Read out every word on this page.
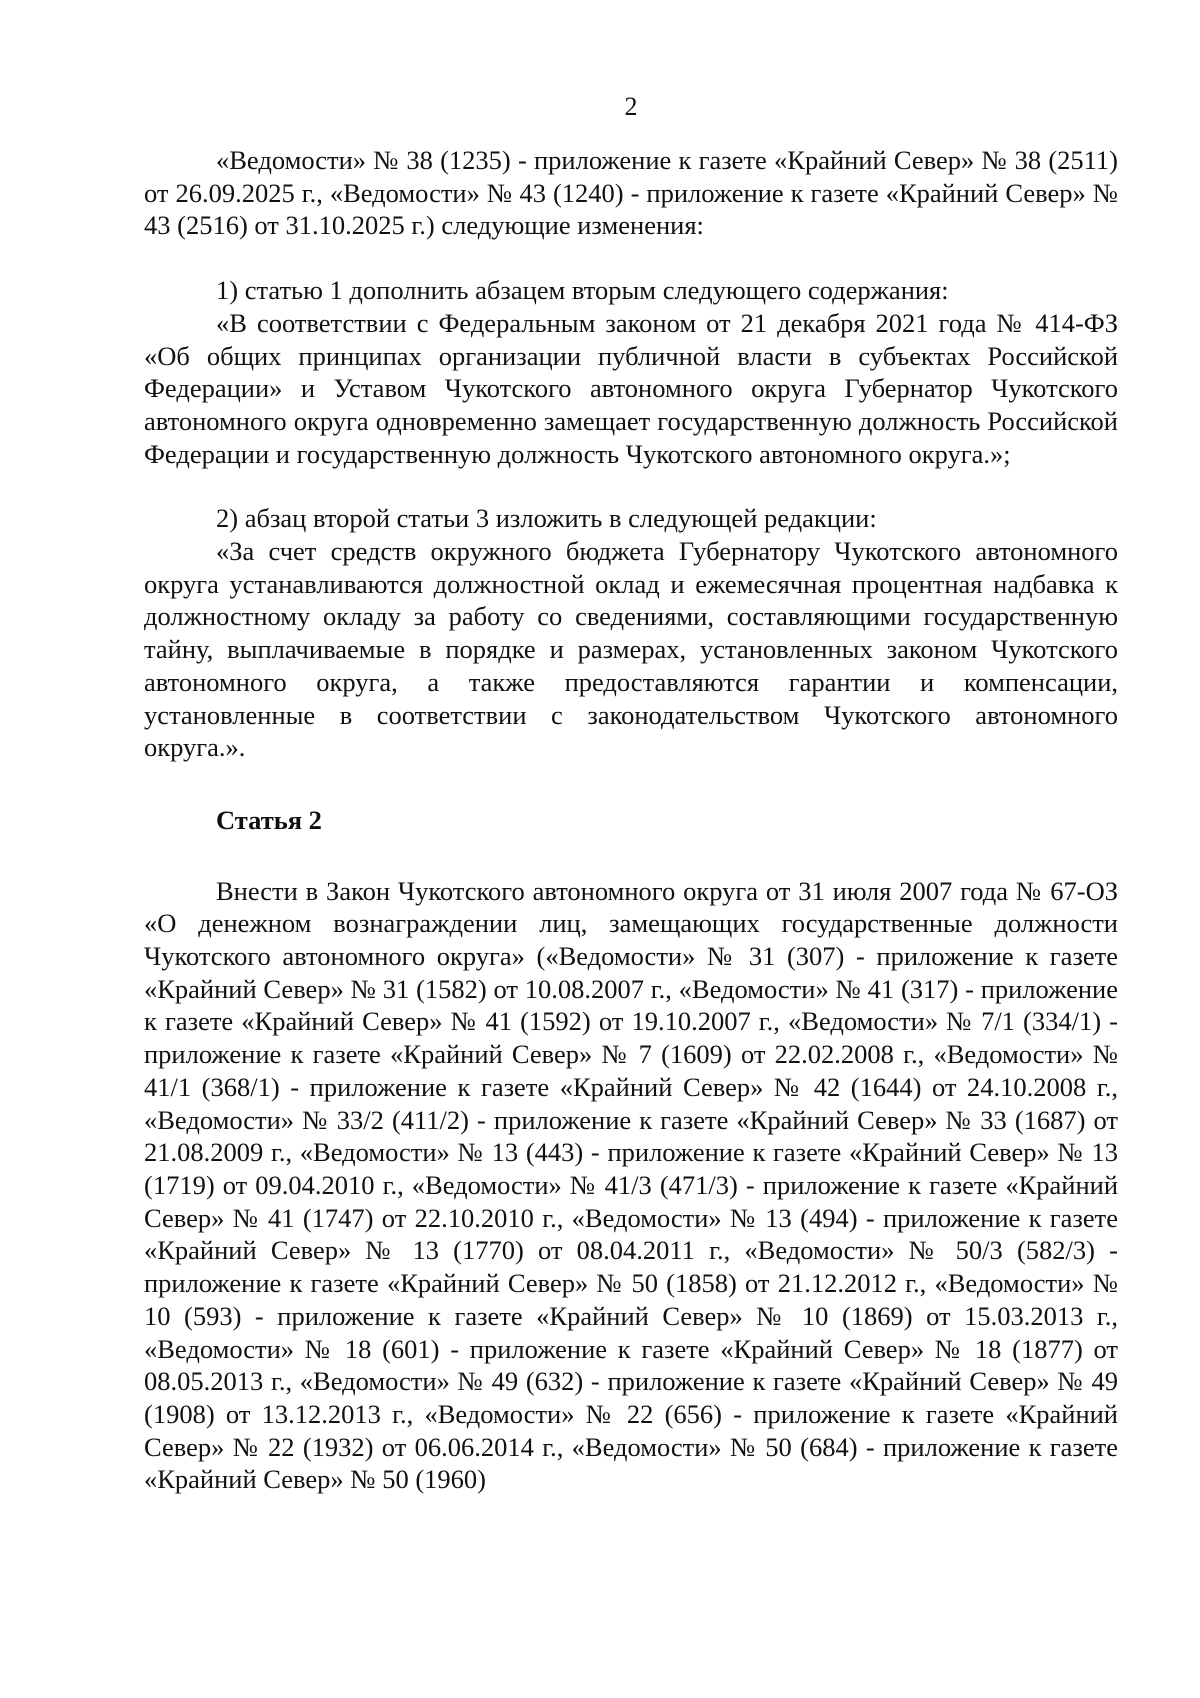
2

«Ведомости» № 38 (1235) - приложение к газете «Крайний Север» № 38 (2511) от 26.09.2025 г., «Ведомости» № 43 (1240) - приложение к газете «Крайний Север» № 43 (2516) от 31.10.2025 г.) следующие изменения:

1) статью 1 дополнить абзацем вторым следующего содержания:

«В соответствии с Федеральным законом от 21 декабря 2021 года № 414-ФЗ «Об общих принципах организации публичной власти в субъектах Российской Федерации» и Уставом Чукотского автономного округа Губернатор Чукотского автономного округа одновременно замещает государственную должность Российской Федерации и государственную должность Чукотского автономного округа.»;

2) абзац второй статьи 3 изложить в следующей редакции:

«За счет средств окружного бюджета Губернатору Чукотского автономного округа устанавливаются должностной оклад и ежемесячная процентная надбавка к должностному окладу за работу со сведениями, составляющими государственную тайну, выплачиваемые в порядке и размерах, установленных законом Чукотского автономного округа, а также предоставляются гарантии и компенсации, установленные в соответствии с законодательством Чукотского автономного округа.».

Статья 2

Внести в Закон Чукотского автономного округа от 31 июля 2007 года № 67-ОЗ «О денежном вознаграждении лиц, замещающих государственные должности Чукотского автономного округа» («Ведомости» № 31 (307) - приложение к газете «Крайний Север» № 31 (1582) от 10.08.2007 г., «Ведомости» № 41 (317) - приложение к газете «Крайний Север» № 41 (1592) от 19.10.2007 г., «Ведомости» № 7/1 (334/1) - приложение к газете «Крайний Север» № 7 (1609) от 22.02.2008 г., «Ведомости» № 41/1 (368/1) - приложение к газете «Крайний Север» № 42 (1644) от 24.10.2008 г., «Ведомости» № 33/2 (411/2) - приложение к газете «Крайний Север» № 33 (1687) от 21.08.2009 г., «Ведомости» № 13 (443) - приложение к газете «Крайний Север» № 13 (1719) от 09.04.2010 г., «Ведомости» № 41/3 (471/3) - приложение к газете «Крайний Север» № 41 (1747) от 22.10.2010 г., «Ведомости» № 13 (494) - приложение к газете «Крайний Север» № 13 (1770) от 08.04.2011 г., «Ведомости» № 50/3 (582/3) - приложение к газете «Крайний Север» № 50 (1858) от 21.12.2012 г., «Ведомости» № 10 (593) - приложение к газете «Крайний Север» № 10 (1869) от 15.03.2013 г., «Ведомости» № 18 (601) - приложение к газете «Крайний Север» № 18 (1877) от 08.05.2013 г., «Ведомости» № 49 (632) - приложение к газете «Крайний Север» № 49 (1908) от 13.12.2013 г., «Ведомости» № 22 (656) - приложение к газете «Крайний Север» № 22 (1932) от 06.06.2014 г., «Ведомости» № 50 (684) - приложение к газете «Крайний Север» № 50 (1960)
